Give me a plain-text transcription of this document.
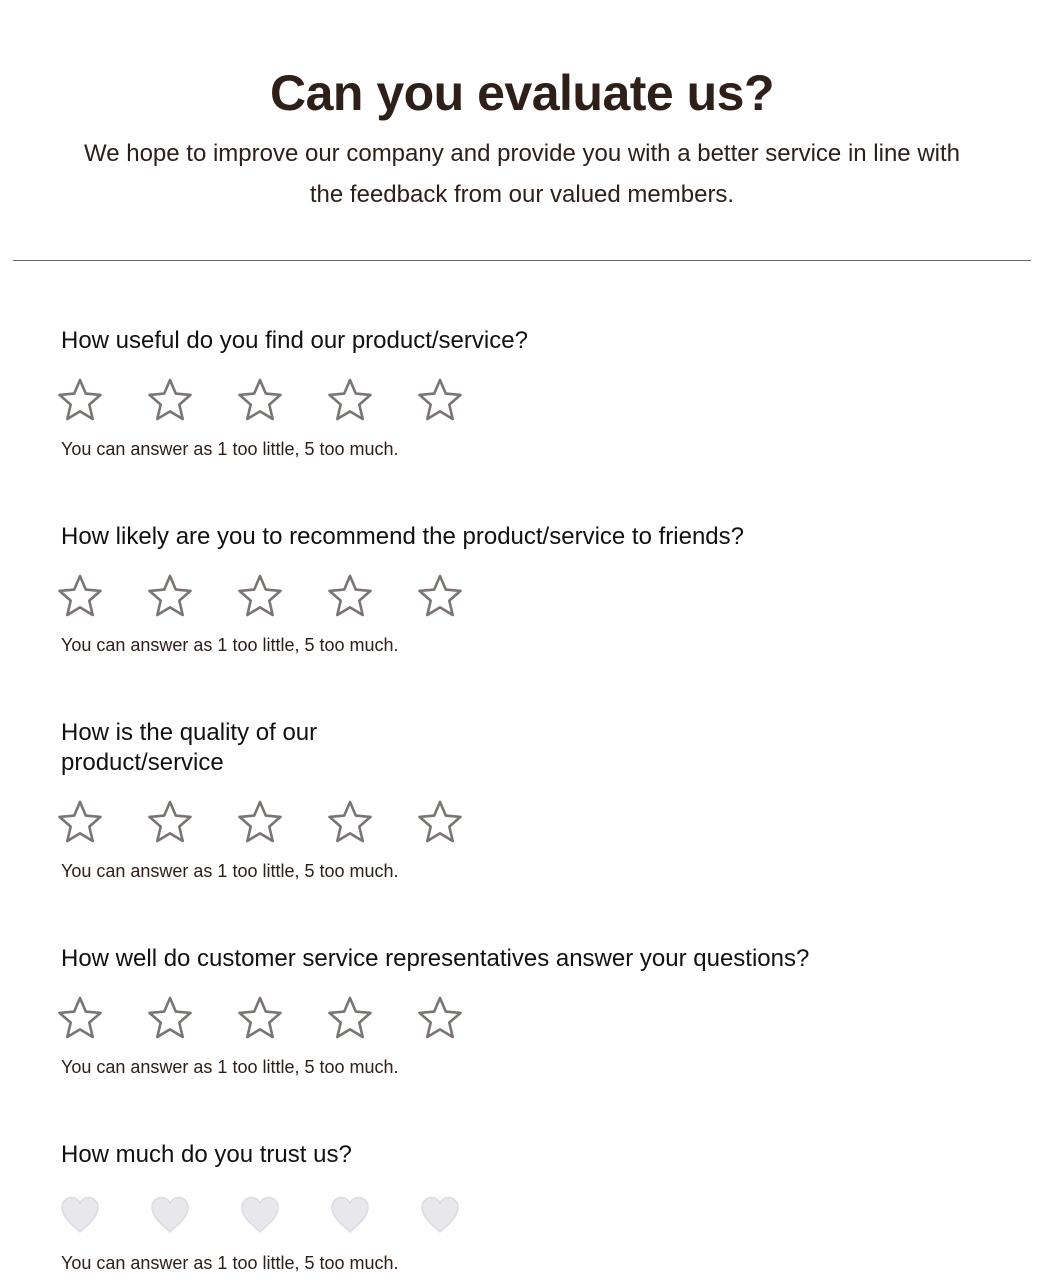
Can you evaluate us?

We hope to improve our company and provide you with a better service in line with the feedback from our valued members.

How useful do you find our product/service?

You can answer as 1 too little, 5 too much.

How likely are you to recommend the product/service to friends?

You can answer as 1 too little, 5 too much.

How is the quality of our product/service

You can answer as 1 too little, 5 too much.

How well do customer service representatives answer your questions?

You can answer as 1 too little, 5 too much.

How much do you trust us?

You can answer as 1 too little, 5 too much.
